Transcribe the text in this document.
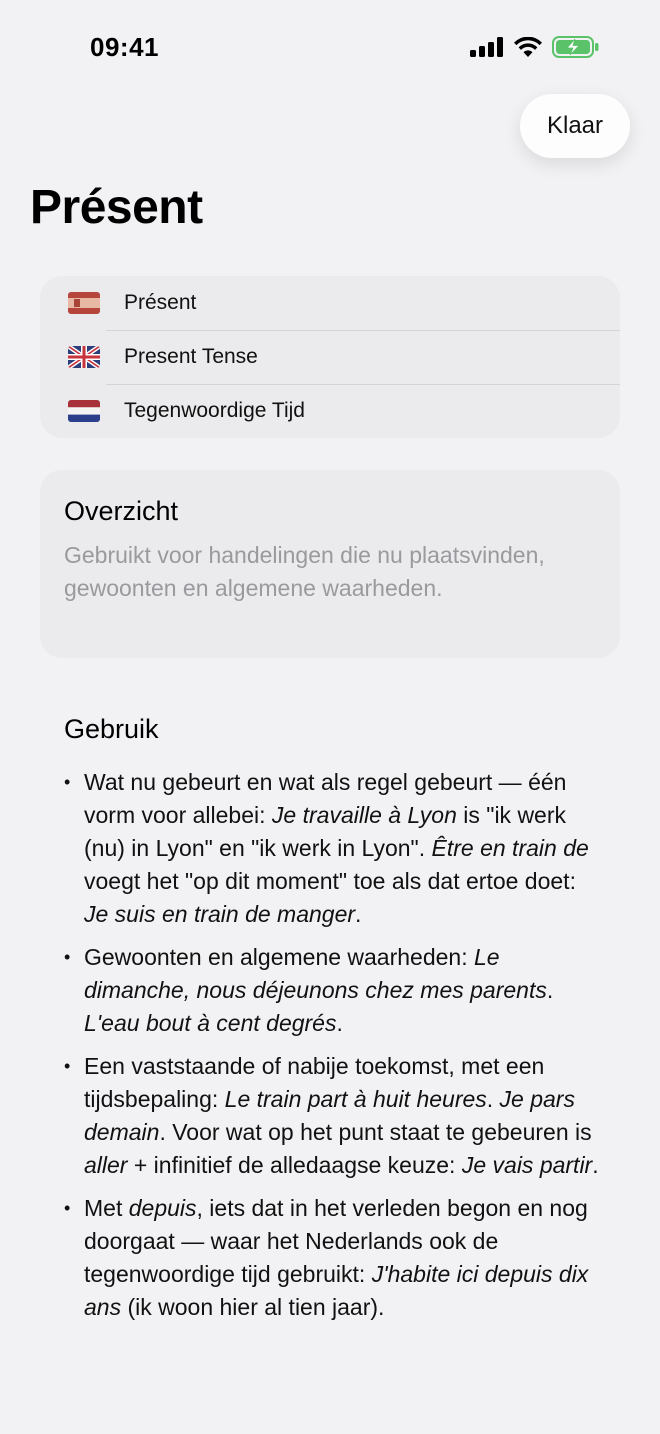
09:41
Klaar
Présent
Présent
Present Tense
Tegenwoordige Tijd
Overzicht
Gebruikt voor handelingen die nu plaatsvinden, gewoonten en algemene waarheden.
Gebruik
• Wat nu gebeurt en wat als regel gebeurt — één vorm voor allebei: Je travaille à Lyon is "ik werk (nu) in Lyon" en "ik werk in Lyon". Être en train de voegt het "op dit moment" toe als dat ertoe doet: Je suis en train de manger.
• Gewoonten en algemene waarheden: Le dimanche, nous déjeunons chez mes parents. L'eau bout à cent degrés.
• Een vaststaande of nabije toekomst, met een tijdsbepaling: Le train part à huit heures. Je pars demain. Voor wat op het punt staat te gebeuren is aller + infinitief de alledaagse keuze: Je vais partir.
• Met depuis, iets dat in het verleden begon en nog doorgaat — waar het Nederlands ook de tegenwoordige tijd gebruikt: J'habite ici depuis dix ans (ik woon hier al tien jaar).
